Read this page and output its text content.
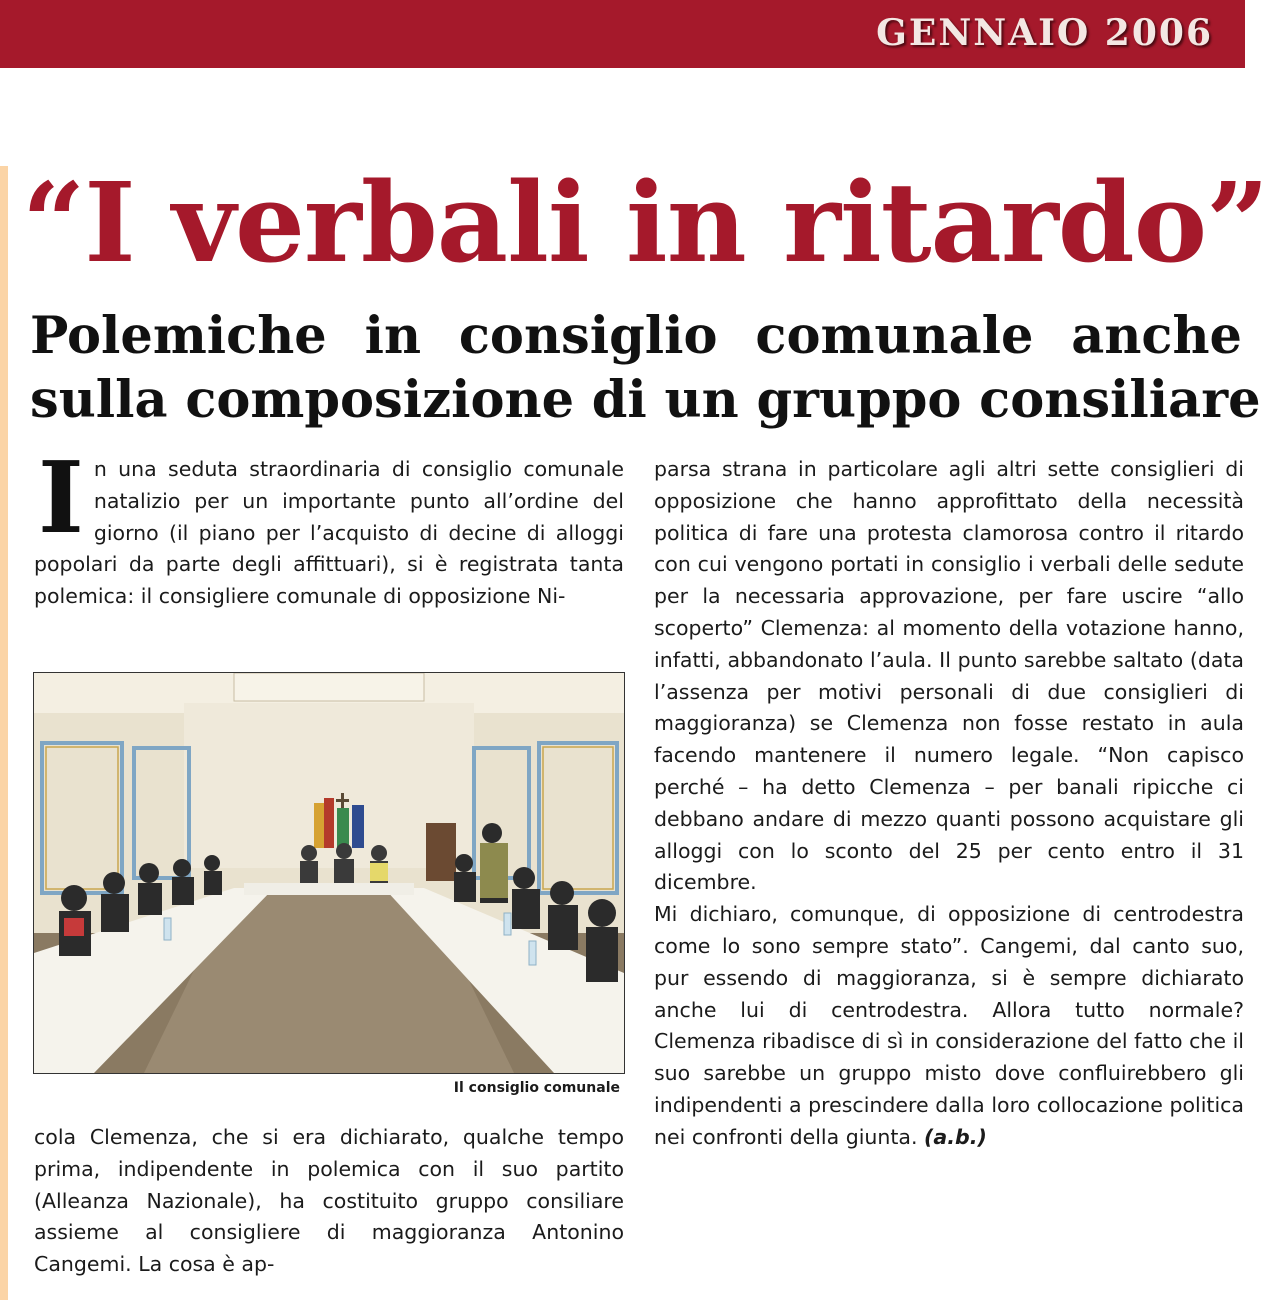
GENNAIO 2006
“I verbali in ritardo”
Polemiche in consiglio comunale anche
sulla composizione di un gruppo consiliare
I n una seduta straordinaria di consiglio comunale natalizio per un importante punto all’ordine del giorno (il piano per l’acquisto di decine di alloggi popolari da parte degli affittuari), si è registrata tanta polemica: il consigliere comunale di opposizione Ni-

Il consiglio comunale

cola Clemenza, che si era dichiarato, qualche tempo prima, indipendente in polemica con il suo partito (Alleanza Nazionale), ha costituito gruppo consiliare assieme al consigliere di maggioranza Antonino Cangemi. La cosa è ap-

parsa strana in particolare agli altri sette consiglieri di opposizione che hanno approfittato della necessità politica di fare una protesta clamorosa contro il ritardo con cui vengono portati in consiglio i verbali delle sedute per la necessaria approvazione, per fare uscire “allo scoperto” Clemenza: al momento della votazione hanno, infatti, abbandonato l’aula. Il punto sarebbe saltato (data l’assenza per motivi personali di due consiglieri di maggioranza) se Clemenza non fosse restato in aula facendo mantenere il numero legale. “Non capisco perché – ha detto Clemenza – per banali ripicche ci debbano andare di mezzo quanti possono acquistare gli alloggi con lo sconto del 25 per cento entro il 31 dicembre.

Mi dichiaro, comunque, di opposizione di centrodestra come lo sono sempre stato”. Cangemi, dal canto suo, pur essendo di maggioranza, si è sempre dichiarato anche lui di centrodestra. Allora tutto normale? Clemenza ribadisce di sì in considerazione del fatto che il suo sarebbe un gruppo misto dove confluirebbero gli indipendenti a prescindere dalla loro collocazione politica nei confronti della giunta. (a.b.)
